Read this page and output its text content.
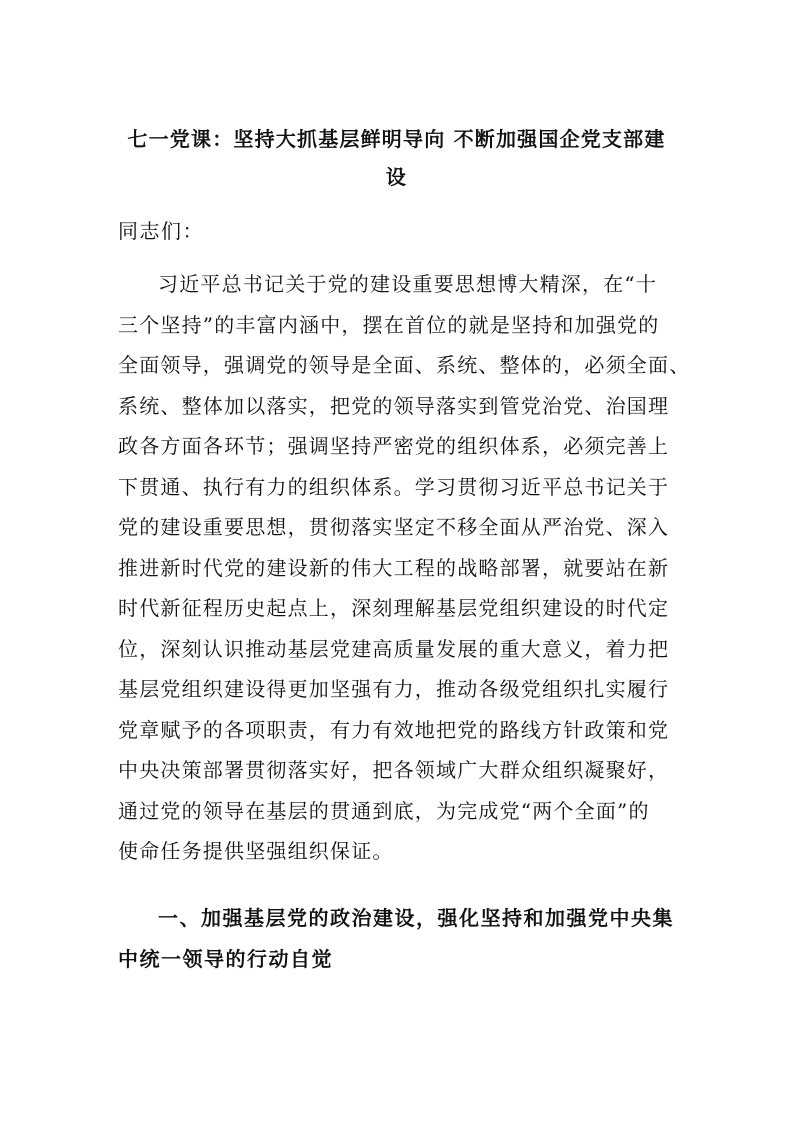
七一党课：坚持大抓基层鲜明导向 不断加强国企党支部建
设
同志们：
习近平总书记关于党的建设重要思想博大精深，在“十
三个坚持”的丰富内涵中，摆在首位的就是坚持和加强党的
全面领导，强调党的领导是全面、系统、整体的，必须全面、
系统、整体加以落实，把党的领导落实到管党治党、治国理
政各方面各环节；强调坚持严密党的组织体系，必须完善上
下贯通、执行有力的组织体系。学习贯彻习近平总书记关于
党的建设重要思想，贯彻落实坚定不移全面从严治党、深入
推进新时代党的建设新的伟大工程的战略部署，就要站在新
时代新征程历史起点上，深刻理解基层党组织建设的时代定
位，深刻认识推动基层党建高质量发展的重大意义，着力把
基层党组织建设得更加坚强有力，推动各级党组织扎实履行
党章赋予的各项职责，有力有效地把党的路线方针政策和党
中央决策部署贯彻落实好，把各领域广大群众组织凝聚好，
通过党的领导在基层的贯通到底，为完成党“两个全面”的
使命任务提供坚强组织保证。
一、加强基层党的政治建设，强化坚持和加强党中央集
中统一领导的行动自觉
